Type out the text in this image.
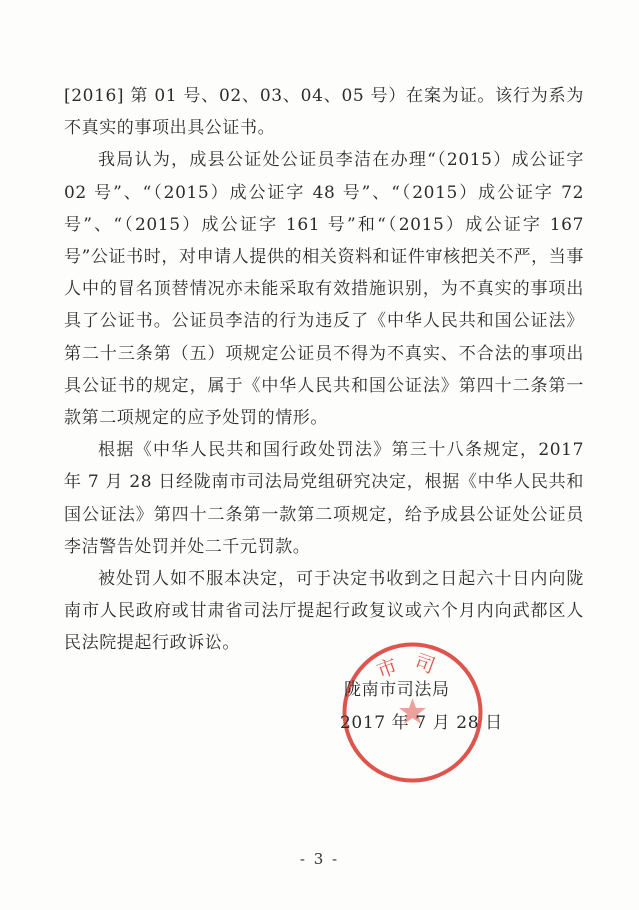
[2016] 第 01 号、02、03、04、05 号）在案为证。该行为系为不真实的事项出具公证书。

我局认为，成县公证处公证员李洁在办理“（2015）成公证字 02 号”、“（2015）成公证字 48 号”、“（2015）成公证字 72 号”、“（2015）成公证字 161 号”和“（2015）成公证字 167 号”公证书时，对申请人提供的相关资料和证件审核把关不严，当事人中的冒名顶替情况亦未能采取有效措施识别，为不真实的事项出具了公证书。公证员李洁的行为违反了《中华人民共和国公证法》第二十三条第（五）项规定公证员不得为不真实、不合法的事项出具公证书的规定，属于《中华人民共和国公证法》第四十二条第一款第二项规定的应予处罚的情形。

根据《中华人民共和国行政处罚法》第三十八条规定，2017 年 7 月 28 日经陇南市司法局党组研究决定，根据《中华人民共和国公证法》第四十二条第一款第二项规定，给予成县公证处公证员李洁警告处罚并处二千元罚款。

被处罚人如不服本决定，可于决定书收到之日起六十日内向陇南市人民政府或甘肃省司法厅提起行政复议或六个月内向武都区人民法院提起行政诉讼。

市司
陇南市司法局
2017 年 7 月 28 日
- 3 -
